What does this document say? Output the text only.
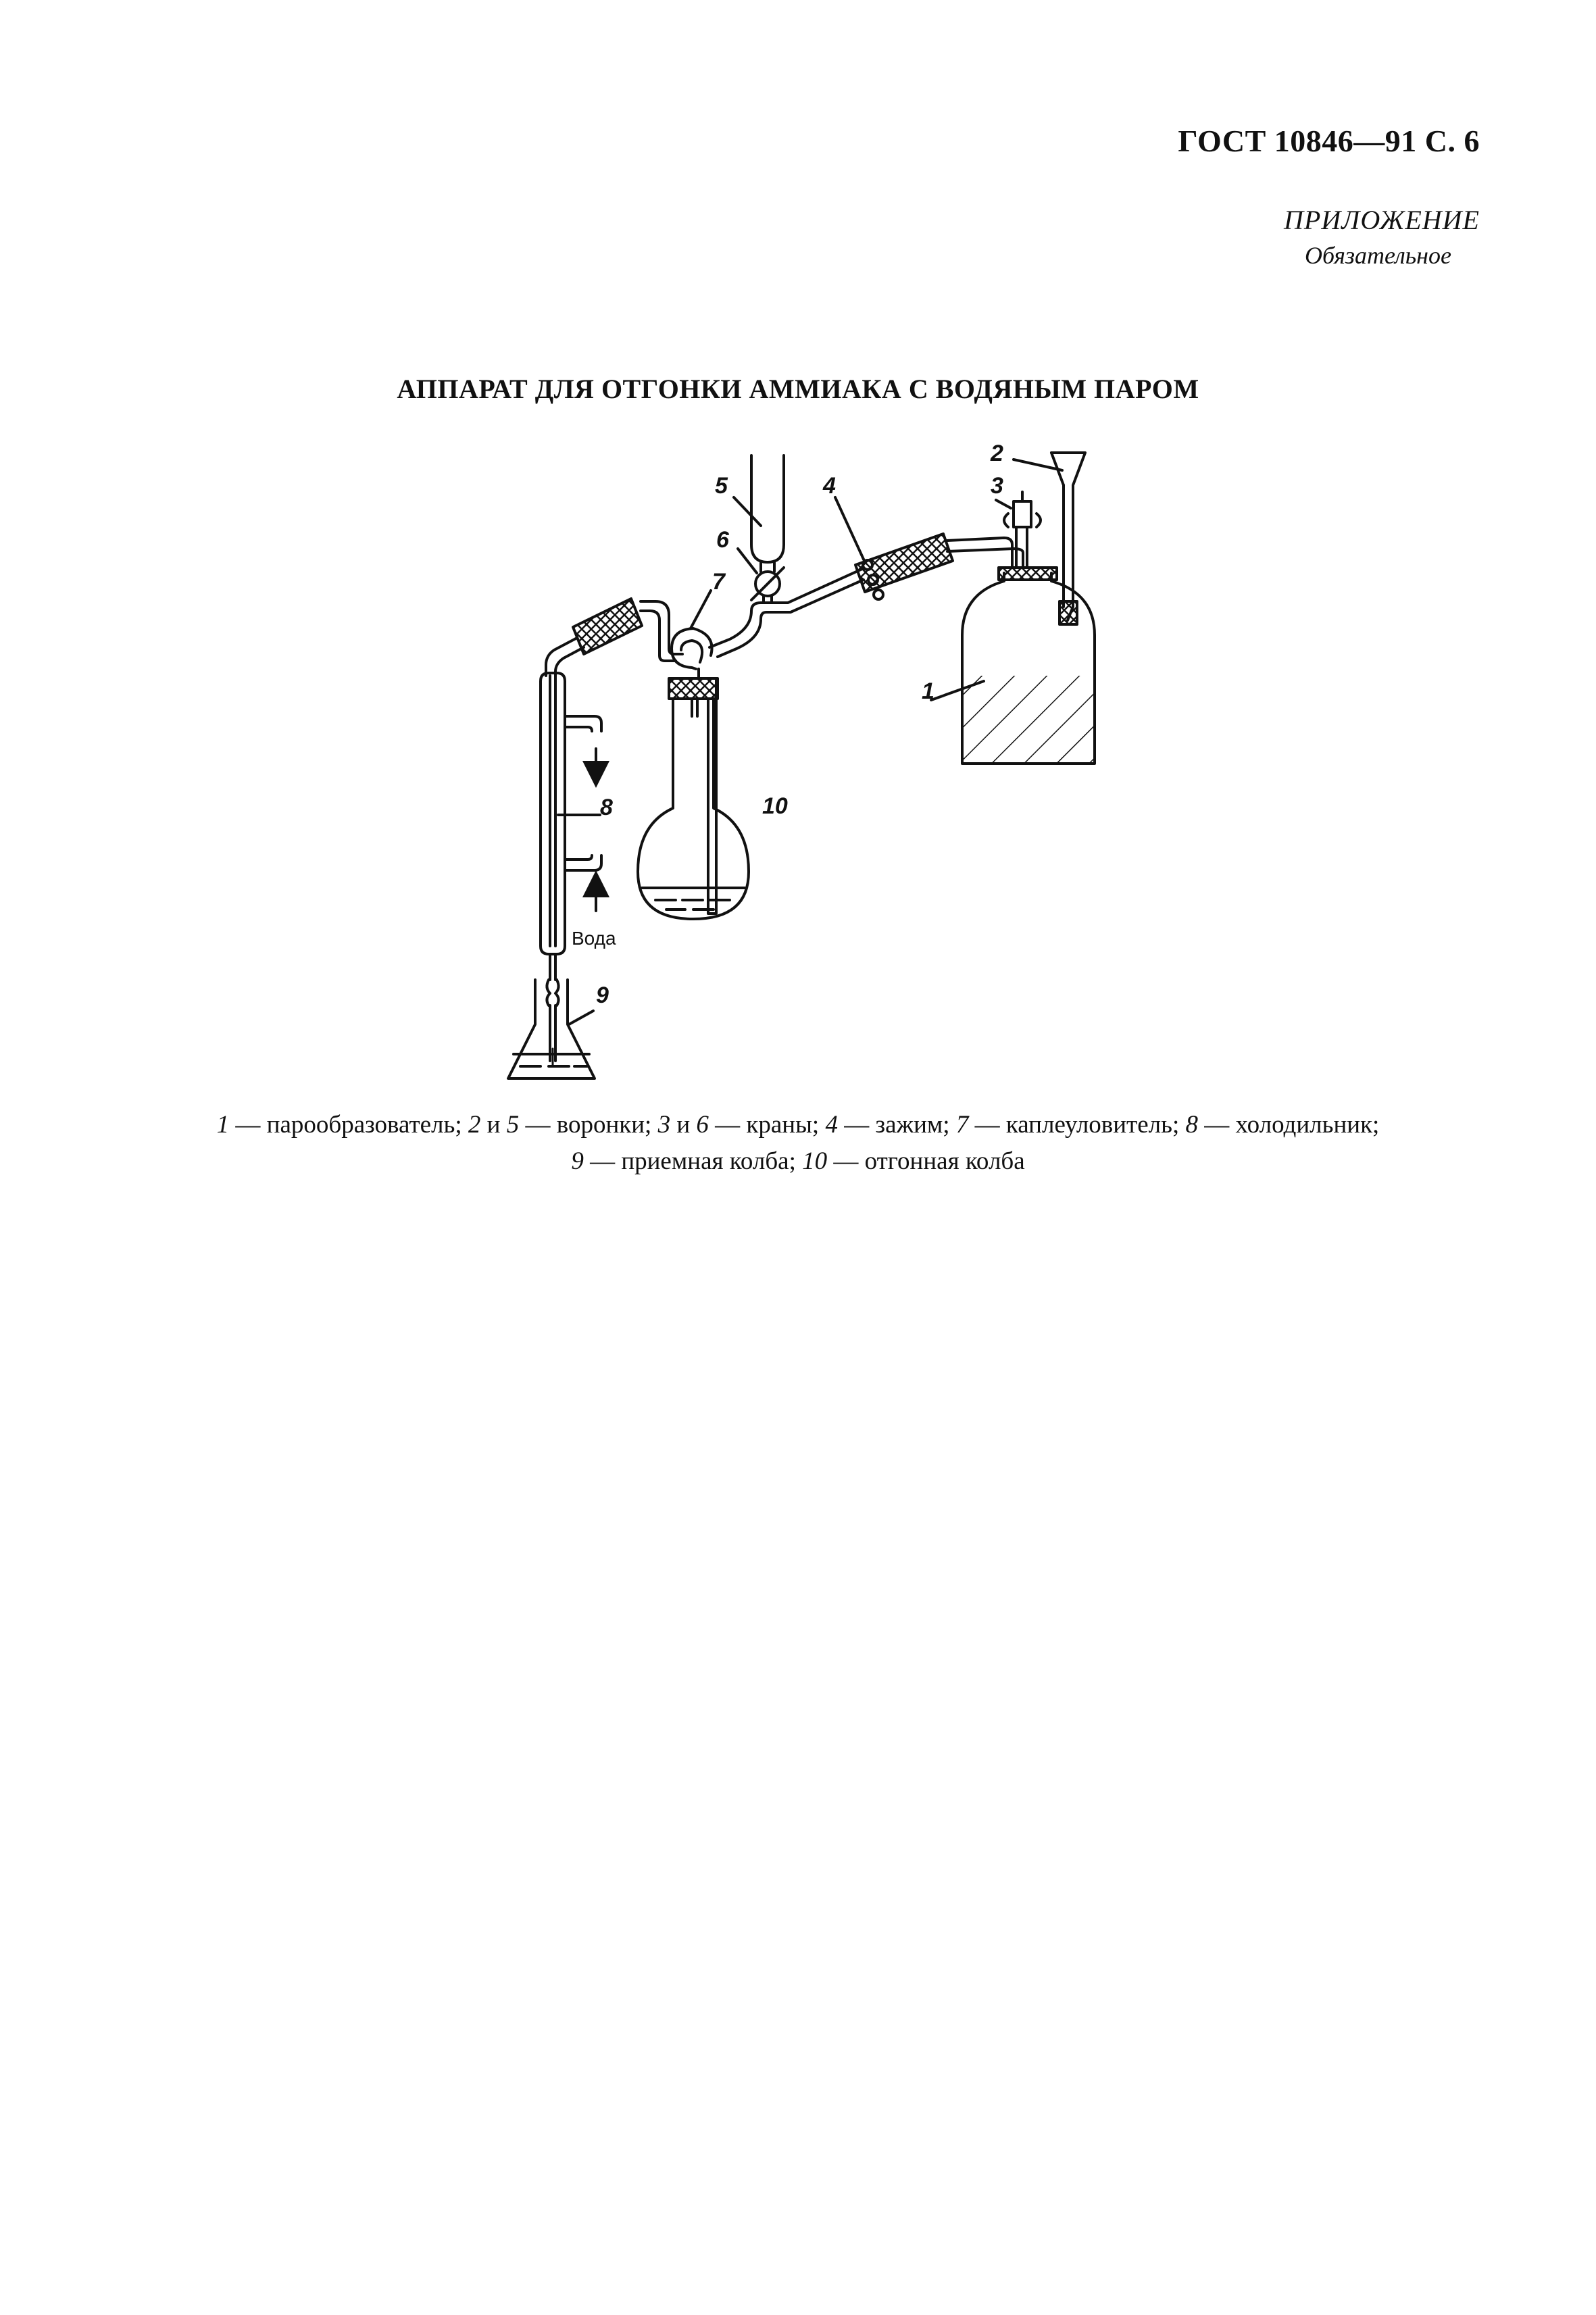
ГОСТ 10846—91 С. 6
ПРИЛОЖЕНИЕ
Обязательное
АППАРАТ ДЛЯ ОТГОНКИ АММИАКА С ВОДЯНЫМ ПАРОМ
1
2
3
4
5
6
7
8
9
10
Вода
1 — парообразователь; 2 и 5 — воронки; 3 и 6 — краны; 4 — зажим; 7 — каплеуловитель; 8 — холодильник;
9 — приемная колба; 10 — отгонная колба
